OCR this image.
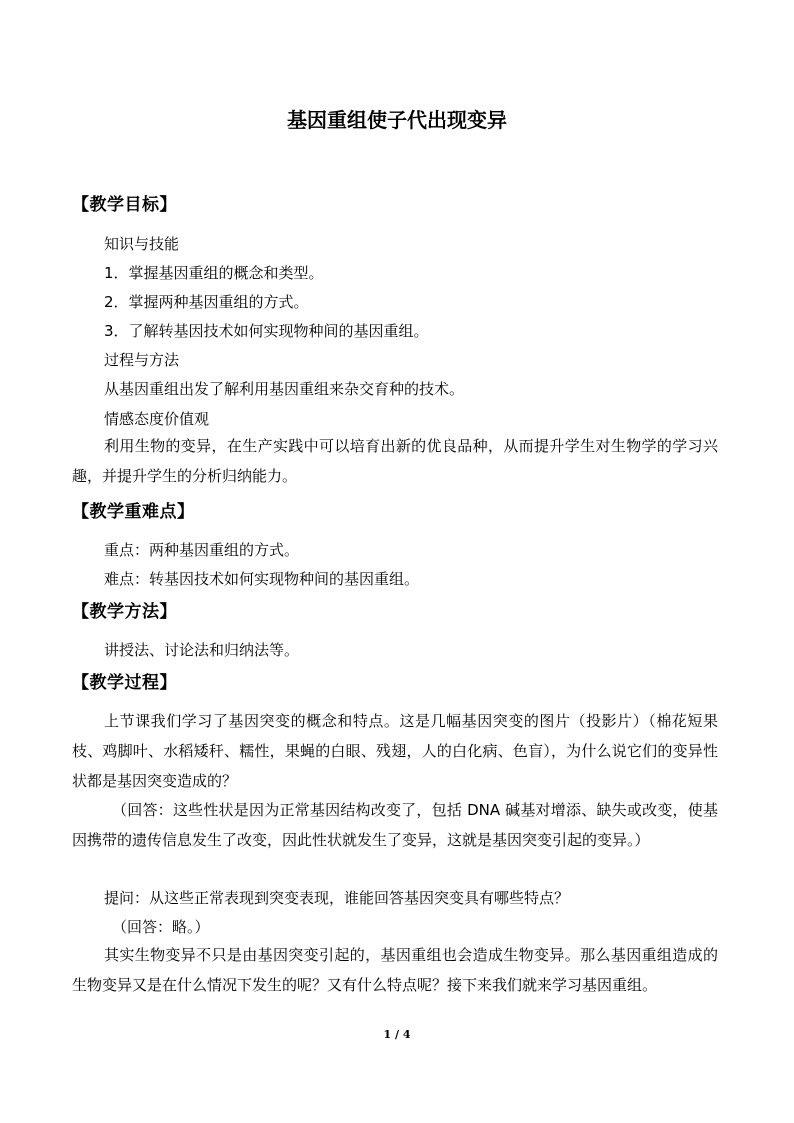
基因重组使子代出现变异
【教学目标】
知识与技能
1．掌握基因重组的概念和类型。
2．掌握两种基因重组的方式。
3．了解转基因技术如何实现物种间的基因重组。
过程与方法
从基因重组出发了解利用基因重组来杂交育种的技术。
情感态度价值观
利用生物的变异，在生产实践中可以培育出新的优良品种，从而提升学生对生物学的学习兴趣，并提升学生的分析归纳能力。
【教学重难点】
重点：两种基因重组的方式。
难点：转基因技术如何实现物种间的基因重组。
【教学方法】
讲授法、讨论法和归纳法等。
【教学过程】
上节课我们学习了基因突变的概念和特点。这是几幅基因突变的图片（投影片）（棉花短果枝、鸡脚叶、水稻矮秆、糯性，果蝇的白眼、残翅，人的白化病、色盲），为什么说它们的变异性状都是基因突变造成的？
（回答：这些性状是因为正常基因结构改变了，包括 DNA 碱基对增添、缺失或改变，使基因携带的遗传信息发生了改变，因此性状就发生了变异，这就是基因突变引起的变异。）
提问：从这些正常表现到突变表现，谁能回答基因突变具有哪些特点？
（回答：略。）
其实生物变异不只是由基因突变引起的，基因重组也会造成生物变异。那么基因重组造成的生物变异又是在什么情况下发生的呢？又有什么特点呢？接下来我们就来学习基因重组。
1 / 4
